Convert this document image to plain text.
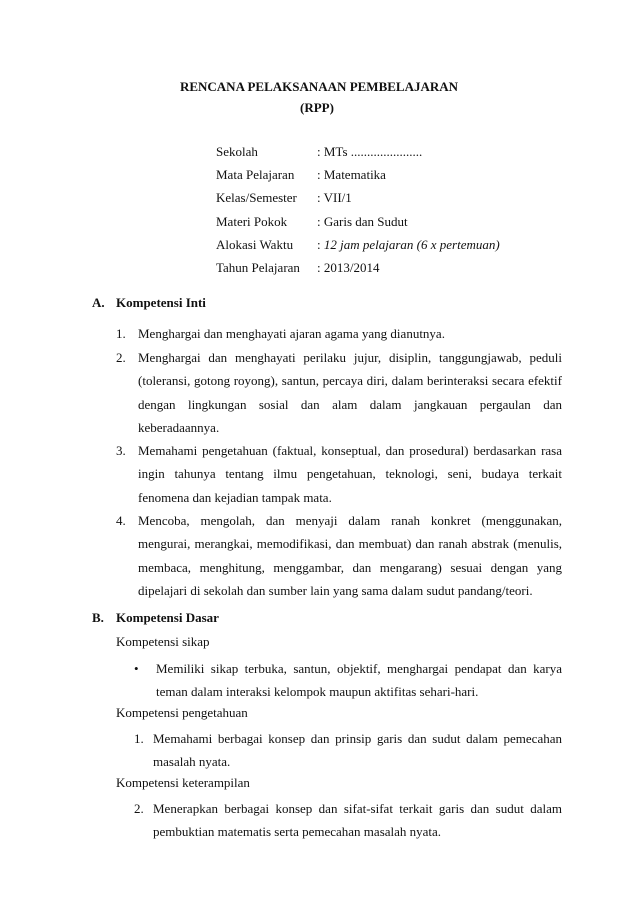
RENCANA PELAKSANAAN PEMBELAJARAN
(RPP)
Sekolah	: MTs ......................
Mata Pelajaran	: Matematika
Kelas/Semester	: VII/1
Materi Pokok	: Garis dan Sudut
Alokasi Waktu	: 12 jam pelajaran (6 x pertemuan)
Tahun Pelajaran	: 2013/2014
A. Kompetensi Inti
1. Menghargai dan menghayati ajaran agama yang dianutnya.
2. Menghargai dan menghayati perilaku jujur, disiplin, tanggungjawab, peduli (toleransi, gotong royong), santun, percaya diri, dalam berinteraksi secara efektif dengan lingkungan sosial dan alam dalam jangkauan pergaulan dan keberadaannya.
3. Memahami pengetahuan (faktual, konseptual, dan prosedural) berdasarkan rasa ingin tahunya tentang ilmu pengetahuan, teknologi, seni, budaya terkait fenomena dan kejadian tampak mata.
4. Mencoba, mengolah, dan menyaji dalam ranah konkret (menggunakan, mengurai, merangkai, memodifikasi, dan membuat) dan ranah abstrak (menulis, membaca, menghitung, menggambar, dan mengarang) sesuai dengan yang dipelajari di sekolah dan sumber lain yang sama dalam sudut pandang/teori.
B. Kompetensi Dasar
Kompetensi sikap
• Memiliki sikap terbuka, santun, objektif, menghargai pendapat dan karya teman dalam interaksi kelompok maupun aktifitas sehari-hari.
Kompetensi pengetahuan
1. Memahami berbagai konsep dan prinsip garis dan sudut dalam pemecahan masalah nyata.
Kompetensi keterampilan
2. Menerapkan berbagai konsep dan sifat-sifat terkait garis dan sudut dalam pembuktian matematis serta pemecahan masalah nyata.
